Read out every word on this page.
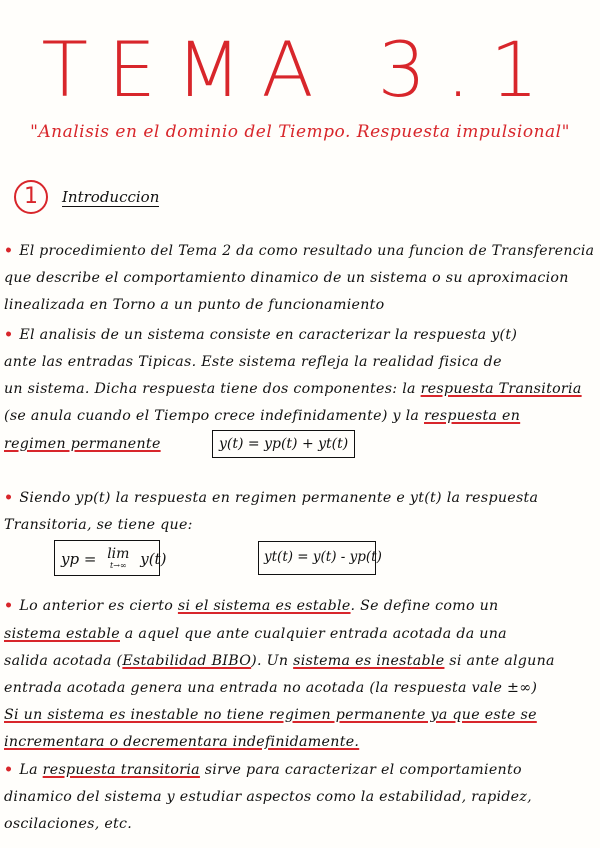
TEMA 3.1
"Analisis en el dominio del Tiempo. Respuesta impulsional"
1	Introduccion
• El procedimiento del Tema 2 da como resultado una funcion de Transferencia
que describe el comportamiento dinamico de un sistema o su aproximacion
linealizada en Torno a un punto de funcionamiento
• El analisis de un sistema consiste en caracterizar la respuesta y(t)
ante las entradas Tipicas. Este sistema refleja la realidad fisica de
un sistema. Dicha respuesta tiene dos componentes: la respuesta Transitoria
(se anula cuando el Tiempo crece indefinidamente) y la respuesta en
regimen permanente	y(t) = yp(t) + yt(t)
• Siendo yp(t) la respuesta en regimen permanente e yt(t) la respuesta
Transitoria, se tiene que:
yp = lim
t→∞ y(t)	yt(t) = y(t) - yp(t)
• Lo anterior es cierto si el sistema es estable. Se define como un
sistema estable a aquel que ante cualquier entrada acotada da una
salida acotada (Estabilidad BIBO). Un sistema es inestable si ante alguna
entrada acotada genera una entrada no acotada (la respuesta vale ±∞)
Si un sistema es inestable no tiene regimen permanente ya que este se
incrementara o decrementara indefinidamente.
• La respuesta transitoria sirve para caracterizar el comportamiento
dinamico del sistema y estudiar aspectos como la estabilidad, rapidez,
oscilaciones, etc.
